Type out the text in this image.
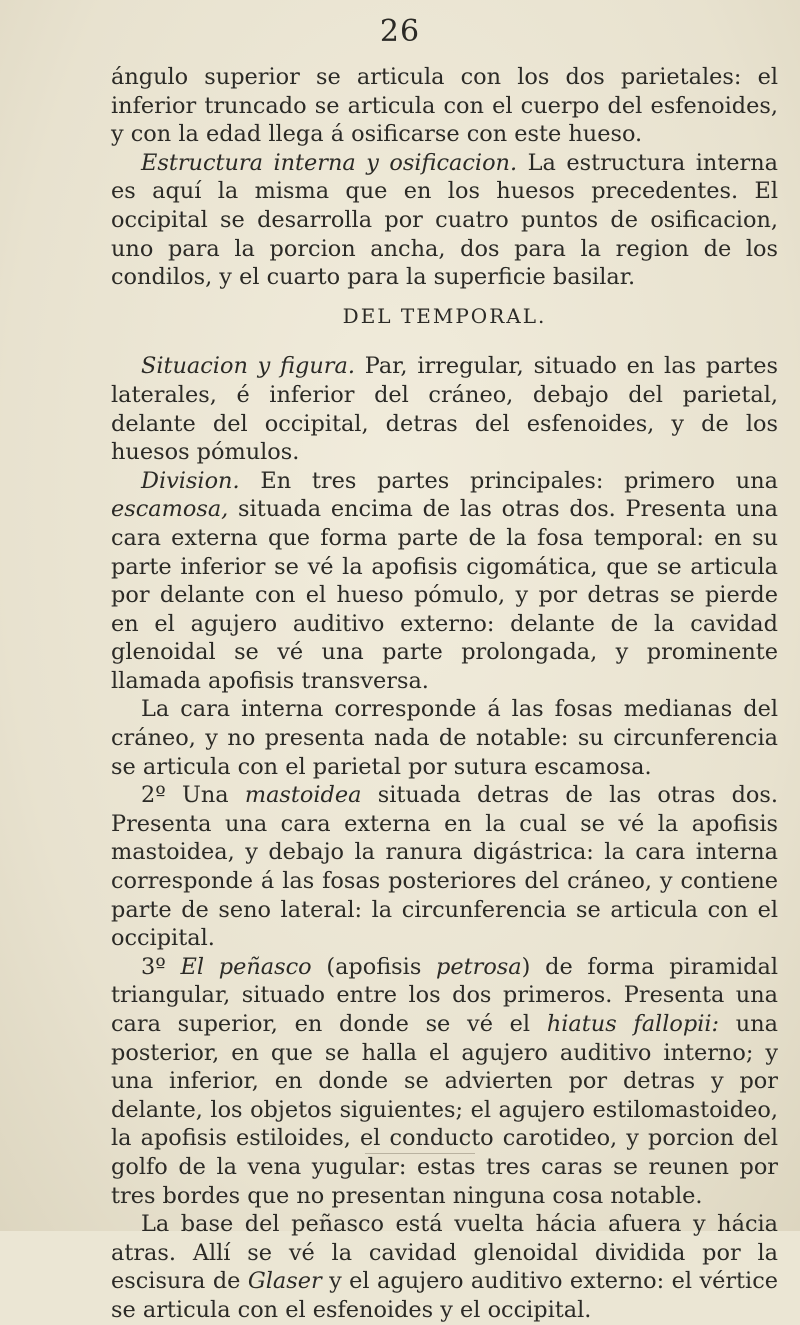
26

ángulo superior se articula con los dos parietales: el inferior truncado se articula con el cuerpo del esfenoides, y con la edad llega á osificarse con este hueso.

Estructura interna y osificacion. La estructura interna es aquí la misma que en los huesos precedentes. El occipital se desarrolla por cuatro puntos de osificacion, uno para la porcion ancha, dos para la region de los condilos, y el cuarto para la superficie basilar.

DEL TEMPORAL.

Situacion y figura. Par, irregular, situado en las partes laterales, é inferior del cráneo, debajo del parietal, delante del occipital, detras del esfenoides, y de los huesos pómulos.

Division. En tres partes principales: primero una escamosa, situada encima de las otras dos. Presenta una cara externa que forma parte de la fosa temporal: en su parte inferior se vé la apofisis cigomática, que se articula por delante con el hueso pómulo, y por detras se pierde en el agujero auditivo externo: delante de la cavidad glenoidal se vé una parte prolongada, y prominente llamada apofisis transversa.

La cara interna corresponde á las fosas medianas del cráneo, y no presenta nada de notable: su circunferencia se articula con el parietal por sutura escamosa.

2º Una mastoidea situada detras de las otras dos. Presenta una cara externa en la cual se vé la apofisis mastoidea, y debajo la ranura digástrica: la cara interna corresponde á las fosas posteriores del cráneo, y contiene parte de seno lateral: la circunferencia se articula con el occipital.

3º El peñasco (apofisis petrosa) de forma piramidal triangular, situado entre los dos primeros. Presenta una cara superior, en donde se vé el hiatus fallopii: una posterior, en que se halla el agujero auditivo interno; y una inferior, en donde se advierten por detras y por delante, los objetos siguientes; el agujero estilomastoideo, la apofisis estiloides, el conducto carotideo, y porcion del golfo de la vena yugular: estas tres caras se reunen por tres bordes que no presentan ninguna cosa notable.

La base del peñasco está vuelta hácia afuera y hácia atras. Allí se vé la cavidad glenoidal dividida por la escisura de Glaser y el agujero auditivo externo: el vértice se articula con el esfenoides y el occipital.
